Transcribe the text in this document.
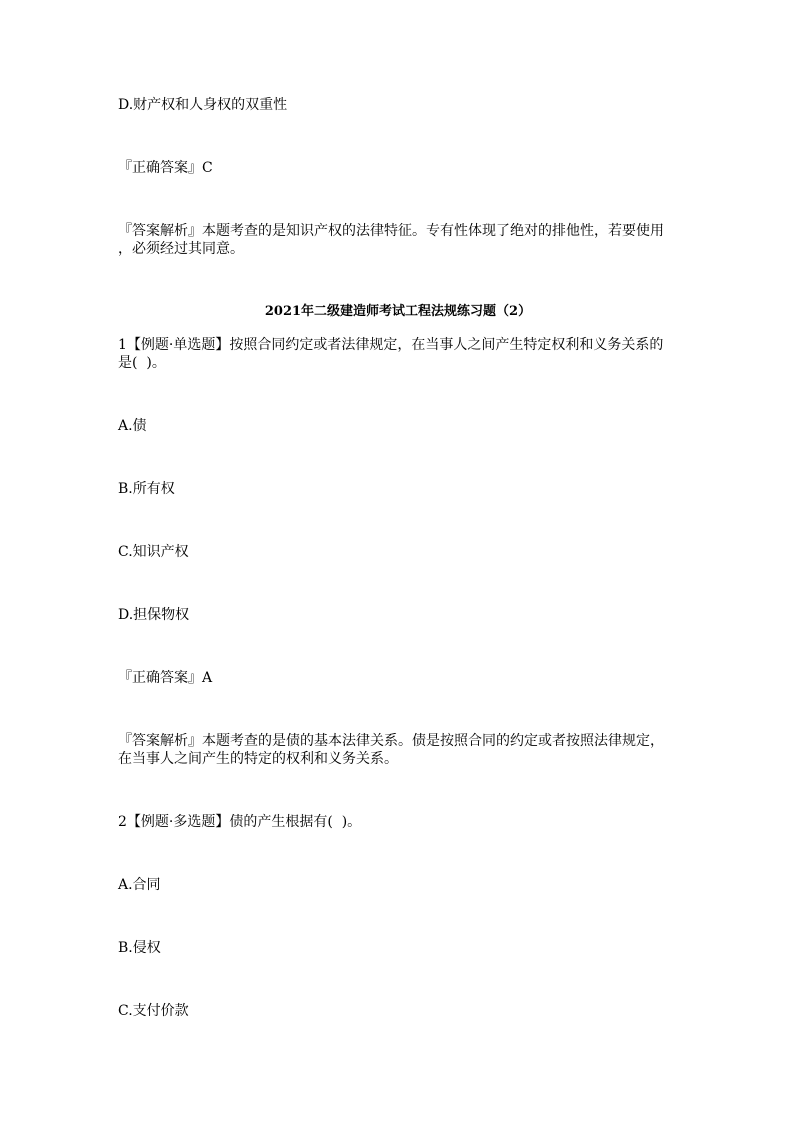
D.财产权和人身权的双重性
『正确答案』C
『答案解析』本题考查的是知识产权的法律特征。专有性体现了绝对的排他性，若要使用
，必须经过其同意。
2021年二级建造师考试工程法规练习题（2）
1【例题·单选题】按照合同约定或者法律规定，在当事人之间产生特定权利和义务关系的
是(  )。
A.债
B.所有权
C.知识产权
D.担保物权
『正确答案』A
『答案解析』本题考查的是债的基本法律关系。债是按照合同的约定或者按照法律规定，
在当事人之间产生的特定的权利和义务关系。
2【例题·多选题】债的产生根据有(  )。
A.合同
B.侵权
C.支付价款
